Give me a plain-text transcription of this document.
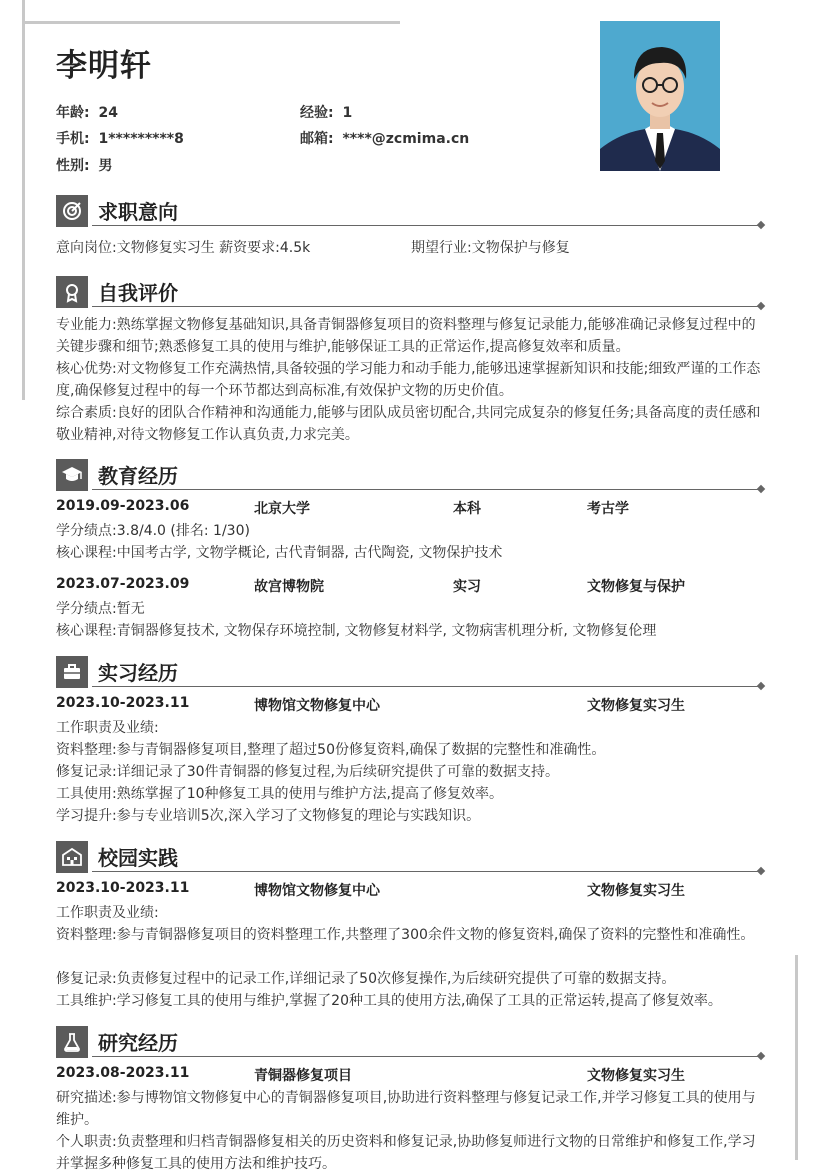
李明轩
年龄: 24	经验: 1
手机: 1*********8	邮箱: ****@zcmima.cn
性别: 男
求职意向
意向岗位:文物修复实习生 薪资要求:4.5k	期望行业:文物保护与修复
自我评价
专业能力:熟练掌握文物修复基础知识,具备青铜器修复项目的资料整理与修复记录能力,能够准确记录修复过程中的关键步骤和细节;熟悉修复工具的使用与维护,能够保证工具的正常运作,提高修复效率和质量。
核心优势:对文物修复工作充满热情,具备较强的学习能力和动手能力,能够迅速掌握新知识和技能;细致严谨的工作态度,确保修复过程中的每一个环节都达到高标准,有效保护文物的历史价值。
综合素质:良好的团队合作精神和沟通能力,能够与团队成员密切配合,共同完成复杂的修复任务;具备高度的责任感和敬业精神,对待文物修复工作认真负责,力求完美。
教育经历
2019.09-2023.06	北京大学	本科	考古学
学分绩点:3.8/4.0 (排名: 1/30)
核心课程:中国考古学, 文物学概论, 古代青铜器, 古代陶瓷, 文物保护技术
2023.07-2023.09	故宫博物院	实习	文物修复与保护
学分绩点:暂无
核心课程:青铜器修复技术, 文物保存环境控制, 文物修复材料学, 文物病害机理分析, 文物修复伦理
实习经历
2023.10-2023.11	博物馆文物修复中心	文物修复实习生
工作职责及业绩:
资料整理:参与青铜器修复项目,整理了超过50份修复资料,确保了数据的完整性和准确性。
修复记录:详细记录了30件青铜器的修复过程,为后续研究提供了可靠的数据支持。
工具使用:熟练掌握了10种修复工具的使用与维护方法,提高了修复效率。
学习提升:参与专业培训5次,深入学习了文物修复的理论与实践知识。
校园实践
2023.10-2023.11	博物馆文物修复中心	文物修复实习生
工作职责及业绩:
资料整理:参与青铜器修复项目的资料整理工作,共整理了300余件文物的修复资料,确保了资料的完整性和准确性。
修复记录:负责修复过程中的记录工作,详细记录了50次修复操作,为后续研究提供了可靠的数据支持。
工具维护:学习修复工具的使用与维护,掌握了20种工具的使用方法,确保了工具的正常运转,提高了修复效率。
研究经历
2023.08-2023.11	青铜器修复项目	文物修复实习生
研究描述:参与博物馆文物修复中心的青铜器修复项目,协助进行资料整理与修复记录工作,并学习修复工具的使用与维护。
个人职责:负责整理和归档青铜器修复相关的历史资料和修复记录,协助修复师进行文物的日常维护和修复工作,学习并掌握多种修复工具的使用方法和维护技巧。
